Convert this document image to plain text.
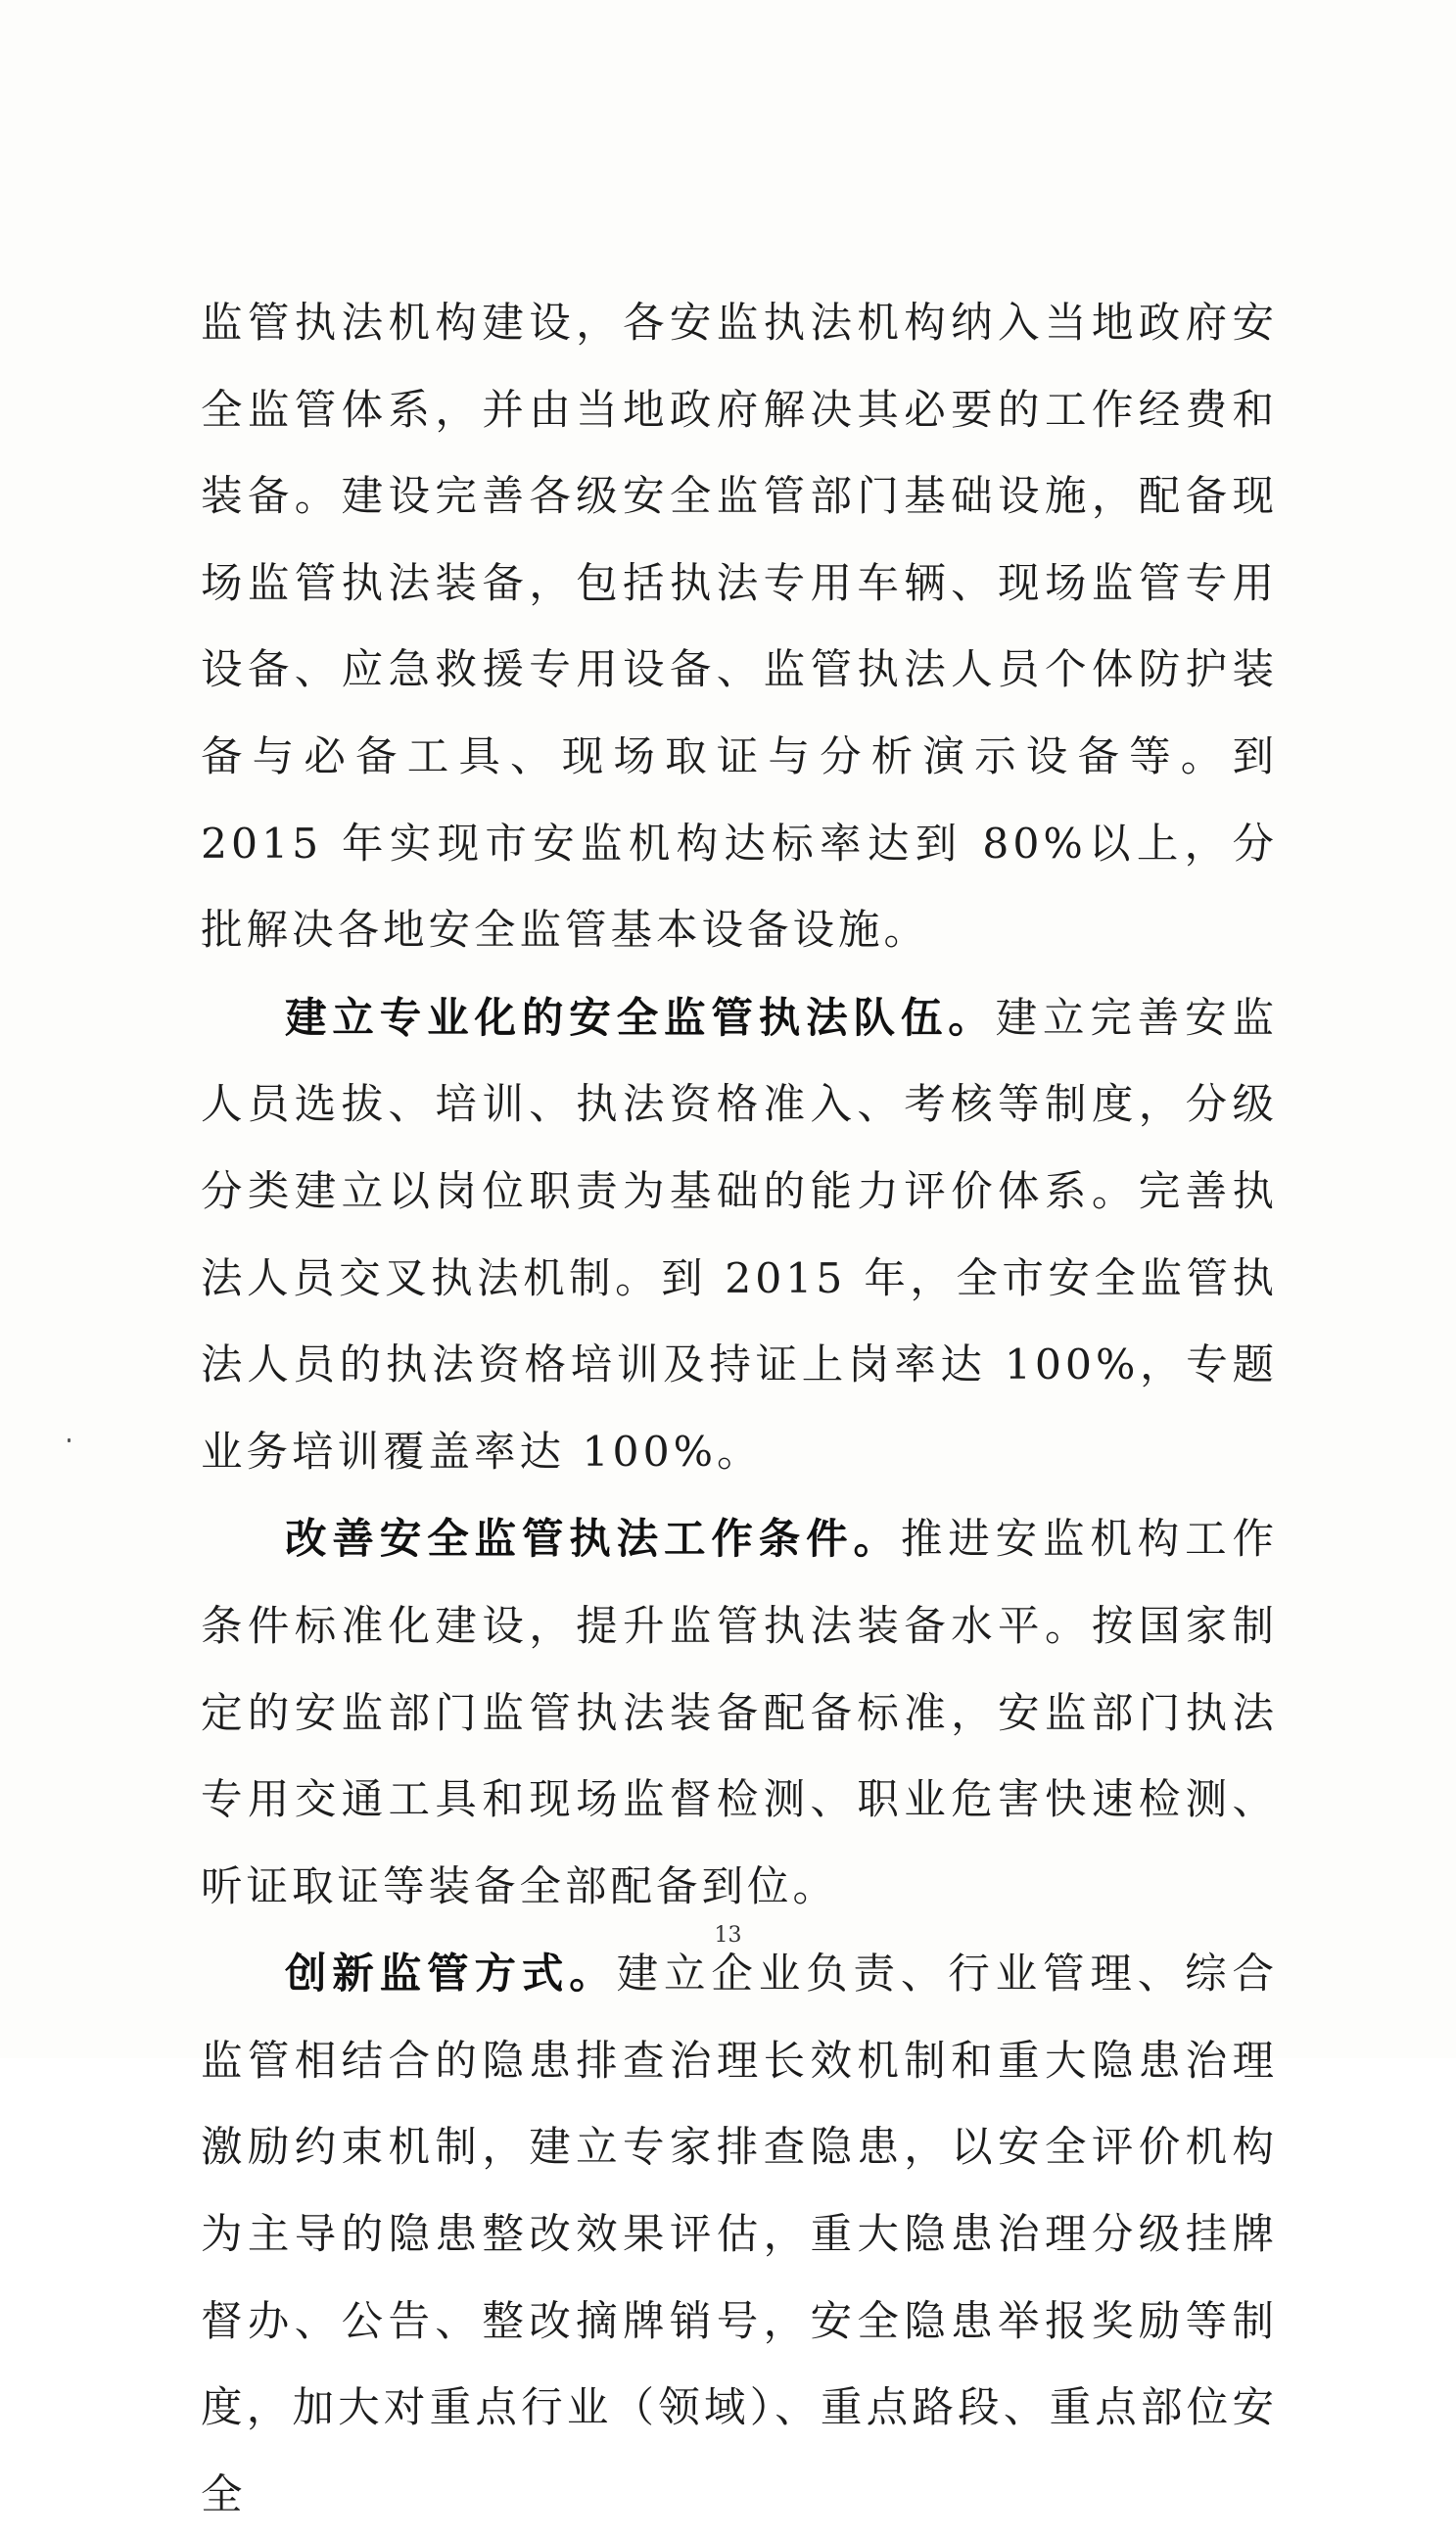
监管执法机构建设，各安监执法机构纳入当地政府安全监管体系，并由当地政府解决其必要的工作经费和装备。建设完善各级安全监管部门基础设施，配备现场监管执法装备，包括执法专用车辆、现场监管专用设备、应急救援专用设备、监管执法人员个体防护装备与必备工具、现场取证与分析演示设备等。到 2015 年实现市安监机构达标率达到 80%以上，分批解决各地安全监管基本设备设施。

建立专业化的安全监管执法队伍。建立完善安监人员选拔、培训、执法资格准入、考核等制度，分级分类建立以岗位职责为基础的能力评价体系。完善执法人员交叉执法机制。到 2015 年，全市安全监管执法人员的执法资格培训及持证上岗率达 100%，专题业务培训覆盖率达 100%。

改善安全监管执法工作条件。推进安监机构工作条件标准化建设，提升监管执法装备水平。按国家制定的安监部门监管执法装备配备标准，安监部门执法专用交通工具和现场监督检测、职业危害快速检测、听证取证等装备全部配备到位。

创新监管方式。建立企业负责、行业管理、综合监管相结合的隐患排查治理长效机制和重大隐患治理激励约束机制，建立专家排查隐患，以安全评价机构为主导的隐患整改效果评估，重大隐患治理分级挂牌督办、公告、整改摘牌销号，安全隐患举报奖励等制度，加大对重点行业（领域）、重点路段、重点部位安全

13
